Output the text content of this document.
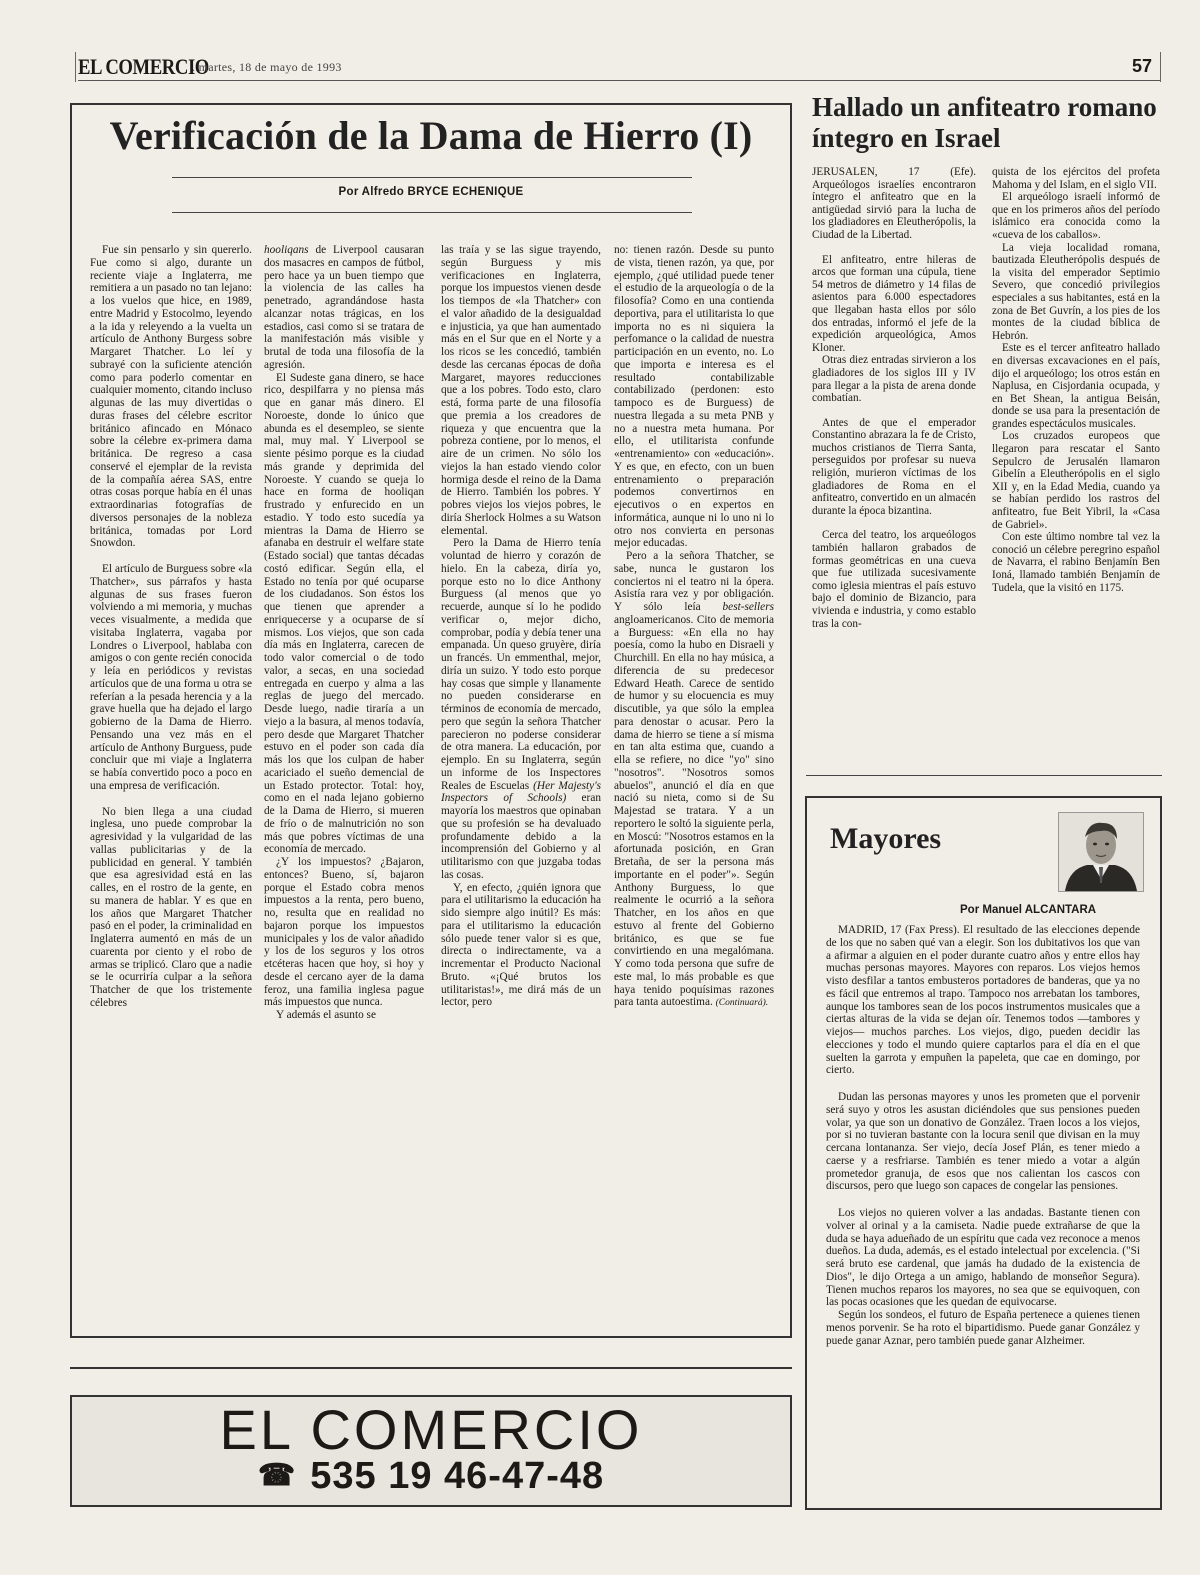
EL COMERCIO
. martes, 18 de mayo de 1993	57
Verificación de la Dama de Hierro (I)
Por Alfredo BRYCE ECHENIQUE

Fue sin pensarlo y sin quererlo. Fue como si algo, durante un reciente viaje a Inglaterra, me remitiera a un pasado no tan lejano: a los vuelos que hice, en 1989, entre Madrid y Estocolmo, leyendo a la ida y releyendo a la vuelta un artículo de Anthony Burgess sobre Margaret Thatcher. Lo leí y subrayé con la suficiente atención como para poderlo comentar en cualquier momento, citando incluso algunas de las muy divertidas o duras frases del célebre escritor británico afincado en Mónaco sobre la célebre ex-primera dama británica. De regreso a casa conservé el ejemplar de la revista de la compañía aérea SAS, entre otras cosas porque había en él unas extraordinarias fotografías de diversos personajes de la nobleza británica, tomadas por Lord Snowdon.

El artículo de Burguess sobre «la Thatcher», sus párrafos y hasta algunas de sus frases fueron volviendo a mi memoria, y muchas veces visualmente, a medida que visitaba Inglaterra, vagaba por Londres o Liverpool, hablaba con amigos o con gente recién conocida y leía en periódicos y revistas artículos que de una forma u otra se referían a la pesada herencia y a la grave huella que ha dejado el largo gobierno de la Dama de Hierro. Pensando una vez más en el artículo de Anthony Burguess, pude concluir que mi viaje a Inglaterra se había convertido poco a poco en una empresa de verificación.

No bien llega a una ciudad inglesa, uno puede comprobar la agresividad y la vulgaridad de las vallas publicitarias y de la publicidad en general. Y también que esa agresividad está en las calles, en el rostro de la gente, en su manera de hablar. Y es que en los años que Margaret Thatcher pasó en el poder, la criminalidad en Inglaterra aumentó en más de un cuarenta por ciento y el robo de armas se triplicó. Claro que a nadie se le ocurriría culpar a la señora Thatcher de que los tristemente célebres

hooliqans de Liverpool causaran dos masacres en campos de fútbol, pero hace ya un buen tiempo que la violencia de las calles ha penetrado, agrandándose hasta alcanzar notas trágicas, en los estadios, casi como si se tratara de la manifestación más visible y brutal de toda una filosofía de la agresión.

El Sudeste gana dinero, se hace rico, despilfarra y no piensa más que en ganar más dinero. El Noroeste, donde lo único que abunda es el desempleo, se siente mal, muy mal. Y Liverpool se siente pésimo porque es la ciudad más grande y deprimida del Noroeste. Y cuando se queja lo hace en forma de hooliqan frustrado y enfurecido en un estadio. Y todo esto sucedía ya mientras la Dama de Hierro se afanaba en destruir el welfare state (Estado social) que tantas décadas costó edificar. Según ella, el Estado no tenía por qué ocuparse de los ciudadanos. Son éstos los que tienen que aprender a enriquecerse y a ocuparse de sí mismos. Los viejos, que son cada día más en Inglaterra, carecen de todo valor comercial o de todo valor, a secas, en una sociedad entregada en cuerpo y alma a las reglas de juego del mercado. Desde luego, nadie tiraría a un viejo a la basura, al menos todavía, pero desde que Margaret Thatcher estuvo en el poder son cada día más los que los culpan de haber acariciado el sueño demencial de un Estado protector. Total: hoy, como en el nada lejano gobierno de la Dama de Hierro, si mueren de frío o de malnutrición no son más que pobres víctimas de una economía de mercado.

¿Y los impuestos? ¿Bajaron, entonces? Bueno, sí, bajaron porque el Estado cobra menos impuestos a la renta, pero bueno, no, resulta que en realidad no bajaron porque los impuestos municipales y los de valor añadido y los de los seguros y los otros etcéteras hacen que hoy, si hoy y desde el cercano ayer de la dama feroz, una familia inglesa pague más impuestos que nunca.

Y además el asunto se

las traía y se las sigue trayendo, según Burguess y mis verificaciones en Inglaterra, porque los impuestos vienen desde los tiempos de «la Thatcher» con el valor añadido de la desigualdad e injusticia, ya que han aumentado más en el Sur que en el Norte y a los ricos se les concedió, también desde las cercanas épocas de doña Margaret, mayores reducciones que a los pobres. Todo esto, claro está, forma parte de una filosofía que premia a los creadores de riqueza y que encuentra que la pobreza contiene, por lo menos, el aire de un crimen. No sólo los viejos la han estado viendo color hormiga desde el reino de la Dama de Hierro. También los pobres. Y pobres viejos los viejos pobres, le diría Sherlock Holmes a su Watson elemental.

Pero la Dama de Hierro tenía voluntad de hierro y corazón de hielo. En la cabeza, diría yo, porque esto no lo dice Anthony Burguess (al menos que yo recuerde, aunque sí lo he podido verificar o, mejor dicho, comprobar, podía y debía tener una empanada. Un queso gruyère, diría un francés. Un emmenthal, mejor, diría un suizo. Y todo esto porque hay cosas que simple y llanamente no pueden considerarse en términos de economía de mercado, pero que según la señora Thatcher parecieron no poderse considerar de otra manera. La educación, por ejemplo. En su Inglaterra, según un informe de los Inspectores Reales de Escuelas (Her Majesty's Inspectors of Schools) eran mayoría los maestros que opinaban que su profesión se ha devaluado profundamente debido a la incomprensión del Gobierno y al utilitarismo con que juzgaba todas las cosas.

Y, en efecto, ¿quién ignora que para el utilitarismo la educación ha sido siempre algo inútil? Es más: para el utilitarismo la educación sólo puede tener valor si es que, directa o indirectamente, va a incrementar el Producto Nacional Bruto. «¡Qué brutos los utilitaristas!», me dirá más de un lector, pero

no: tienen razón. Desde su punto de vista, tienen razón, ya que, por ejemplo, ¿qué utilidad puede tener el estudio de la arqueología o de la filosofía? Como en una contienda deportiva, para el utilitarista lo que importa no es ni siquiera la perfomance o la calidad de nuestra participación en un evento, no. Lo que importa e interesa es el resultado contabilizable contabilizado (perdonen: esto tampoco es de Burguess) de nuestra llegada a su meta PNB y no a nuestra meta humana. Por ello, el utilitarista confunde «entrenamiento» con «educación». Y es que, en efecto, con un buen entrenamiento o preparación podemos convertirnos en ejecutivos o en expertos en informática, aunque ni lo uno ni lo otro nos convierta en personas mejor educadas.

Pero a la señora Thatcher, se sabe, nunca le gustaron los conciertos ni el teatro ni la ópera. Asistía rara vez y por obligación. Y sólo leía best-sellers angloamericanos. Cito de memoria a Burguess: «En ella no hay poesía, como la hubo en Disraeli y Churchill. En ella no hay música, a diferencia de su predecesor Edward Heath. Carece de sentido de humor y su elocuencia es muy discutible, ya que sólo la emplea para denostar o acusar. Pero la dama de hierro se tiene a sí misma en tan alta estima que, cuando a ella se refiere, no dice "yo" sino "nosotros". "Nosotros somos abuelos", anunció el día en que nació su nieta, como si de Su Majestad se tratara. Y a un reportero le soltó la siguiente perla, en Moscú: "Nosotros estamos en la afortunada posición, en Gran Bretaña, de ser la persona más importante en el poder"». Según Anthony Burguess, lo que realmente le ocurrió a la señora Thatcher, en los años en que estuvo al frente del Gobierno británico, es que se fue convirtiendo en una megalómana. Y como toda persona que sufre de este mal, lo más probable es que haya tenido poquísimas razones para tanta autoestima. (Continuará).

Hallado un anfiteatro romano íntegro en Israel

JERUSALEN, 17 (Efe). Arqueólogos israelíes encontraron íntegro el anfiteatro que en la antigüedad sirvió para la lucha de los gladiadores en Eleutherópolis, la Ciudad de la Libertad.

El anfiteatro, entre hileras de arcos que forman una cúpula, tiene 54 metros de diámetro y 14 filas de asientos para 6.000 espectadores que llegaban hasta ellos por sólo dos entradas, informó el jefe de la expedición arqueológica, Amos Kloner.

Otras diez entradas sirvieron a los gladiadores de los siglos III y IV para llegar a la pista de arena donde combatían.

Antes de que el emperador Constantino abrazara la fe de Cristo, muchos cristianos de Tierra Santa, perseguidos por profesar su nueva religión, murieron víctimas de los gladiadores de Roma en el anfiteatro, convertido en un almacén durante la época bizantina.

Cerca del teatro, los arqueólogos también hallaron grabados de formas geométricas en una cueva que fue utilizada sucesivamente como iglesia mientras el país estuvo bajo el dominio de Bizancio, para vivienda e industria, y como establo tras la con-

quista de los ejércitos del profeta Mahoma y del Islam, en el siglo VII.

El arqueólogo israelí informó de que en los primeros años del período islámico era conocida como la «cueva de los caballos».

La vieja localidad romana, bautizada Eleutherópolis después de la visita del emperador Septimio Severo, que concedió privilegios especiales a sus habitantes, está en la zona de Bet Guvrín, a los pies de los montes de la ciudad bíblica de Hebrón.

Este es el tercer anfiteatro hallado en diversas excavaciones en el país, dijo el arqueólogo; los otros están en Naplusa, en Cisjordania ocupada, y en Bet Shean, la antigua Beisán, donde se usa para la presentación de grandes espectáculos musicales.

Los cruzados europeos que llegaron para rescatar el Santo Sepulcro de Jerusalén llamaron Gibelín a Eleutherópolis en el siglo XII y, en la Edad Media, cuando ya se habían perdido los rastros del anfiteatro, fue Beit Yibril, la «Casa de Gabriel».

Con este último nombre tal vez la conoció un célebre peregrino español de Navarra, el rabino Benjamín Ben Ioná, llamado también Benjamín de Tudela, que la visitó en 1175.

Mayores
Por Manuel ALCANTARA

MADRID, 17 (Fax Press). El resultado de las elecciones depende de los que no saben qué van a elegir. Son los dubitativos los que van a afirmar a alguien en el poder durante cuatro años y entre ellos hay muchas personas mayores. Mayores con reparos. Los viejos hemos visto desfilar a tantos embusteros portadores de banderas, que ya no es fácil que entremos al trapo. Tampoco nos arrebatan los tambores, aunque los tambores sean de los pocos instrumentos musicales que a ciertas alturas de la vida se dejan oír. Tenemos todos —tambores y viejos— muchos parches. Los viejos, digo, pueden decidir las elecciones y todo el mundo quiere captarlos para el día en el que suelten la garrota y empuñen la papeleta, que cae en domingo, por cierto.

Dudan las personas mayores y unos les prometen que el porvenir será suyo y otros les asustan diciéndoles que sus pensiones pueden volar, ya que son un donativo de González. Traen locos a los viejos, por si no tuvieran bastante con la locura senil que divisan en la muy cercana lontananza. Ser viejo, decía Josef Plán, es tener miedo a caerse y a resfriarse. También es tener miedo a votar a algún prometedor granuja, de esos que nos calientan los cascos con discursos, pero que luego son capaces de congelar las pensiones.

Los viejos no quieren volver a las andadas. Bastante tienen con volver al orinal y a la camiseta. Nadie puede extrañarse de que la duda se haya adueñado de un espíritu que cada vez reconoce a menos dueños. La duda, además, es el estado intelectual por excelencia. ("Si será bruto ese cardenal, que jamás ha dudado de la existencia de Dios", le dijo Ortega a un amigo, hablando de monseñor Segura). Tienen muchos reparos los mayores, no sea que se equivoquen, con las pocas ocasiones que les quedan de equivocarse.

Según los sondeos, el futuro de España pertenece a quienes tienen menos porvenir. Se ha roto el bipartidismo. Puede ganar González y puede ganar Aznar, pero también puede ganar Alzheimer.

EL COMERCIO
☎ 535 19 46-47-48
